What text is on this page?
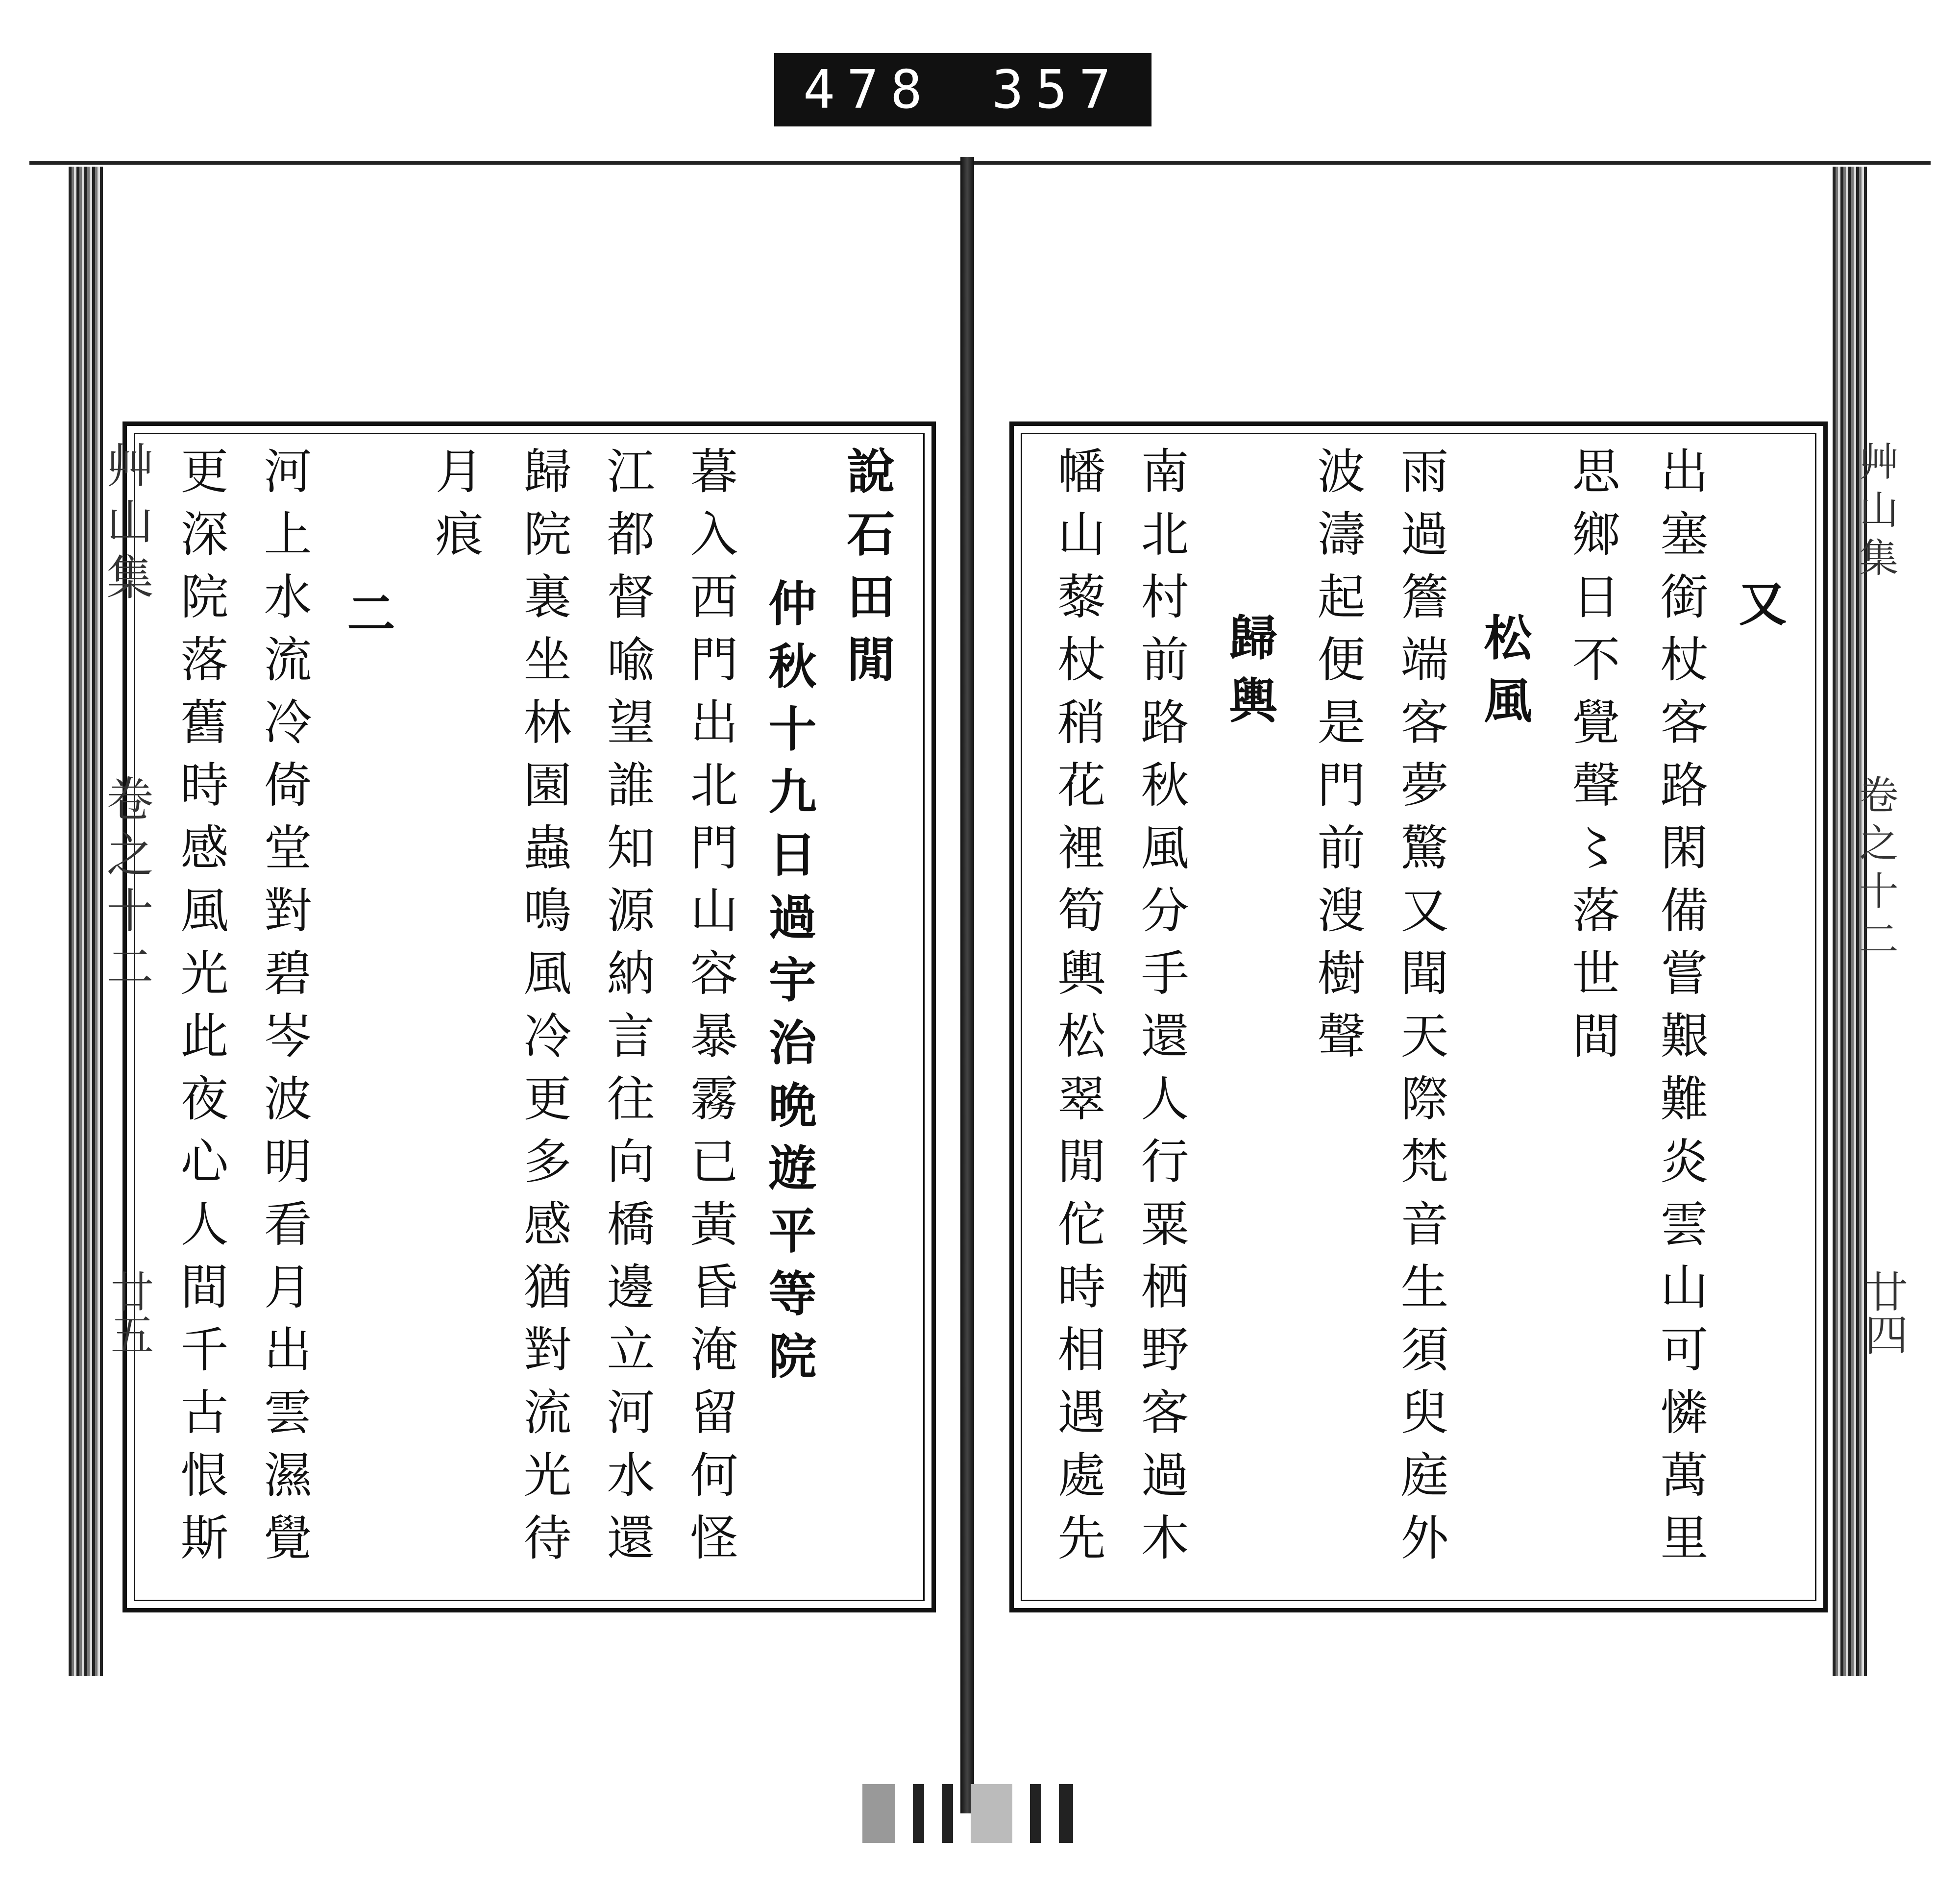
478 357
艸山集
卷之十二
廿五
說石田閒
仲秋十九日過宇治晩遊平等院
暮入西門出北門山容暴霧已黃昏淹留何怪
江都督喩望誰知源納言往向橋邊立河水還
歸院裏坐林園蟲鳴風冷更多感猶對流光待
月痕
二
河上水流冷倚堂對碧岑波明看月出雲濕覺
更深院落舊時感風光此夜心人間千古恨斯	艸山集
卷之十二
廿四
又
出塞銜杖客路閑備嘗艱難炎雲山可憐萬里
思鄉日不覺聲〻落世間
松風
雨過簷端客夢驚又聞天際梵音生須臾庭外
波濤起便是門前溲樹聲
歸輿
南北村前路秋風分手還人行粟栖野客過木
幡山藜杖稍花裡筍輿松翠閒佗時相遇處先
